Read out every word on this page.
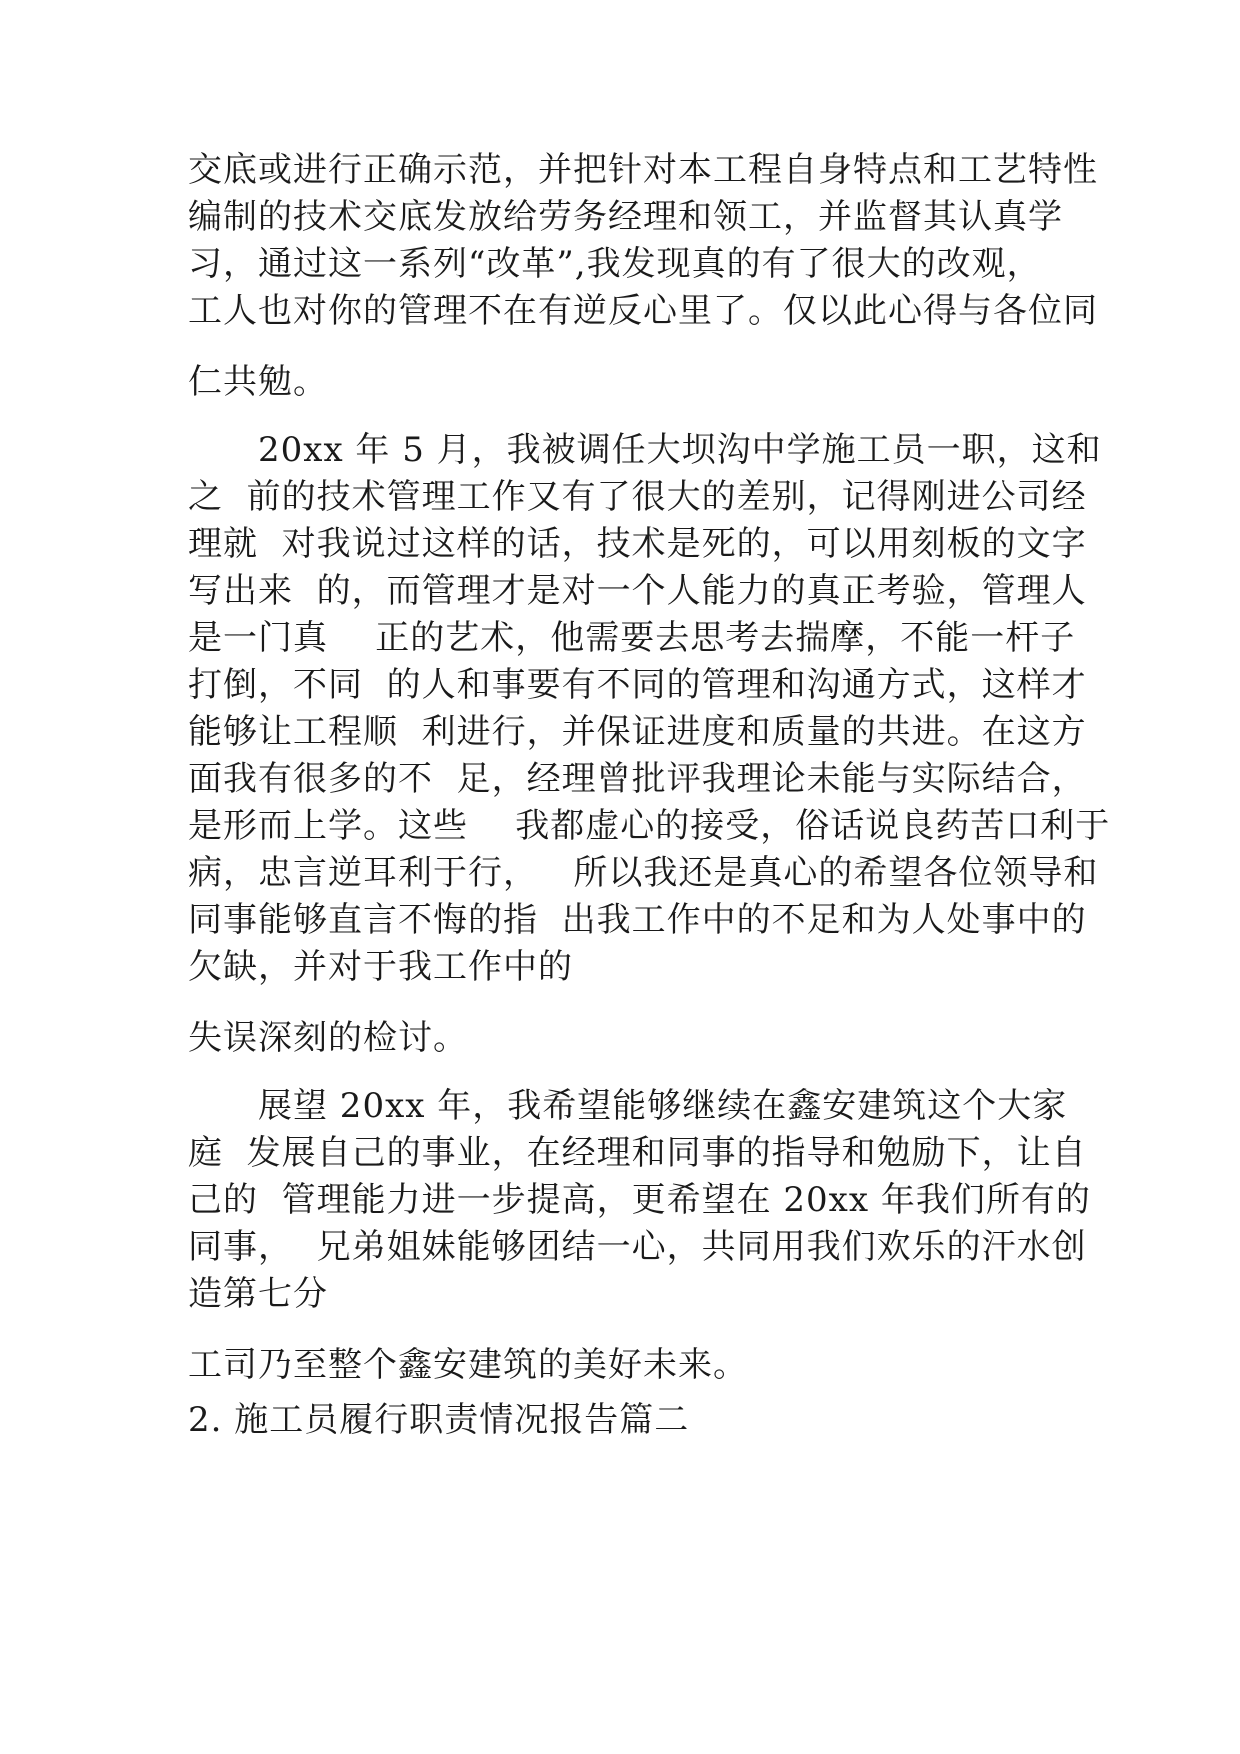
交底或进行正确示范，并把针对本工程自身特点和工艺特性
编制的技术交底发放给劳务经理和领工，并监督其认真学
习，通过这一系列“改革”,我发现真的有了很大的改观，
工人也对你的管理不在有逆反心里了。仅以此心得与各位同
仁共勉。
　　20xx 年 5 月，我被调任大坝沟中学施工员一职，这和
之  前的技术管理工作又有了很大的差别，记得刚进公司经
理就  对我说过这样的话，技术是死的，可以用刻板的文字
写出来  的，而管理才是对一个人能力的真正考验，管理人
是一门真    正的艺术，他需要去思考去揣摩，不能一杆子
打倒，不同  的人和事要有不同的管理和沟通方式，这样才
能够让工程顺  利进行，并保证进度和质量的共进。在这方
面我有很多的不  足，经理曾批评我理论未能与实际结合，
是形而上学。这些    我都虚心的接受，俗话说良药苦口利于
病，忠言逆耳利于行，   所以我还是真心的希望各位领导和
同事能够直言不悔的指  出我工作中的不足和为人处事中的
欠缺，并对于我工作中的
失误深刻的检讨。
　　展望 20xx 年，我希望能够继续在鑫安建筑这个大家
庭  发展自己的事业，在经理和同事的指导和勉励下，让自
己的  管理能力进一步提高，更希望在 20xx 年我们所有的
同事，  兄弟姐妹能够团结一心，共同用我们欢乐的汗水创
造第七分
工司乃至整个鑫安建筑的美好未来。
2. 施工员履行职责情况报告篇二
